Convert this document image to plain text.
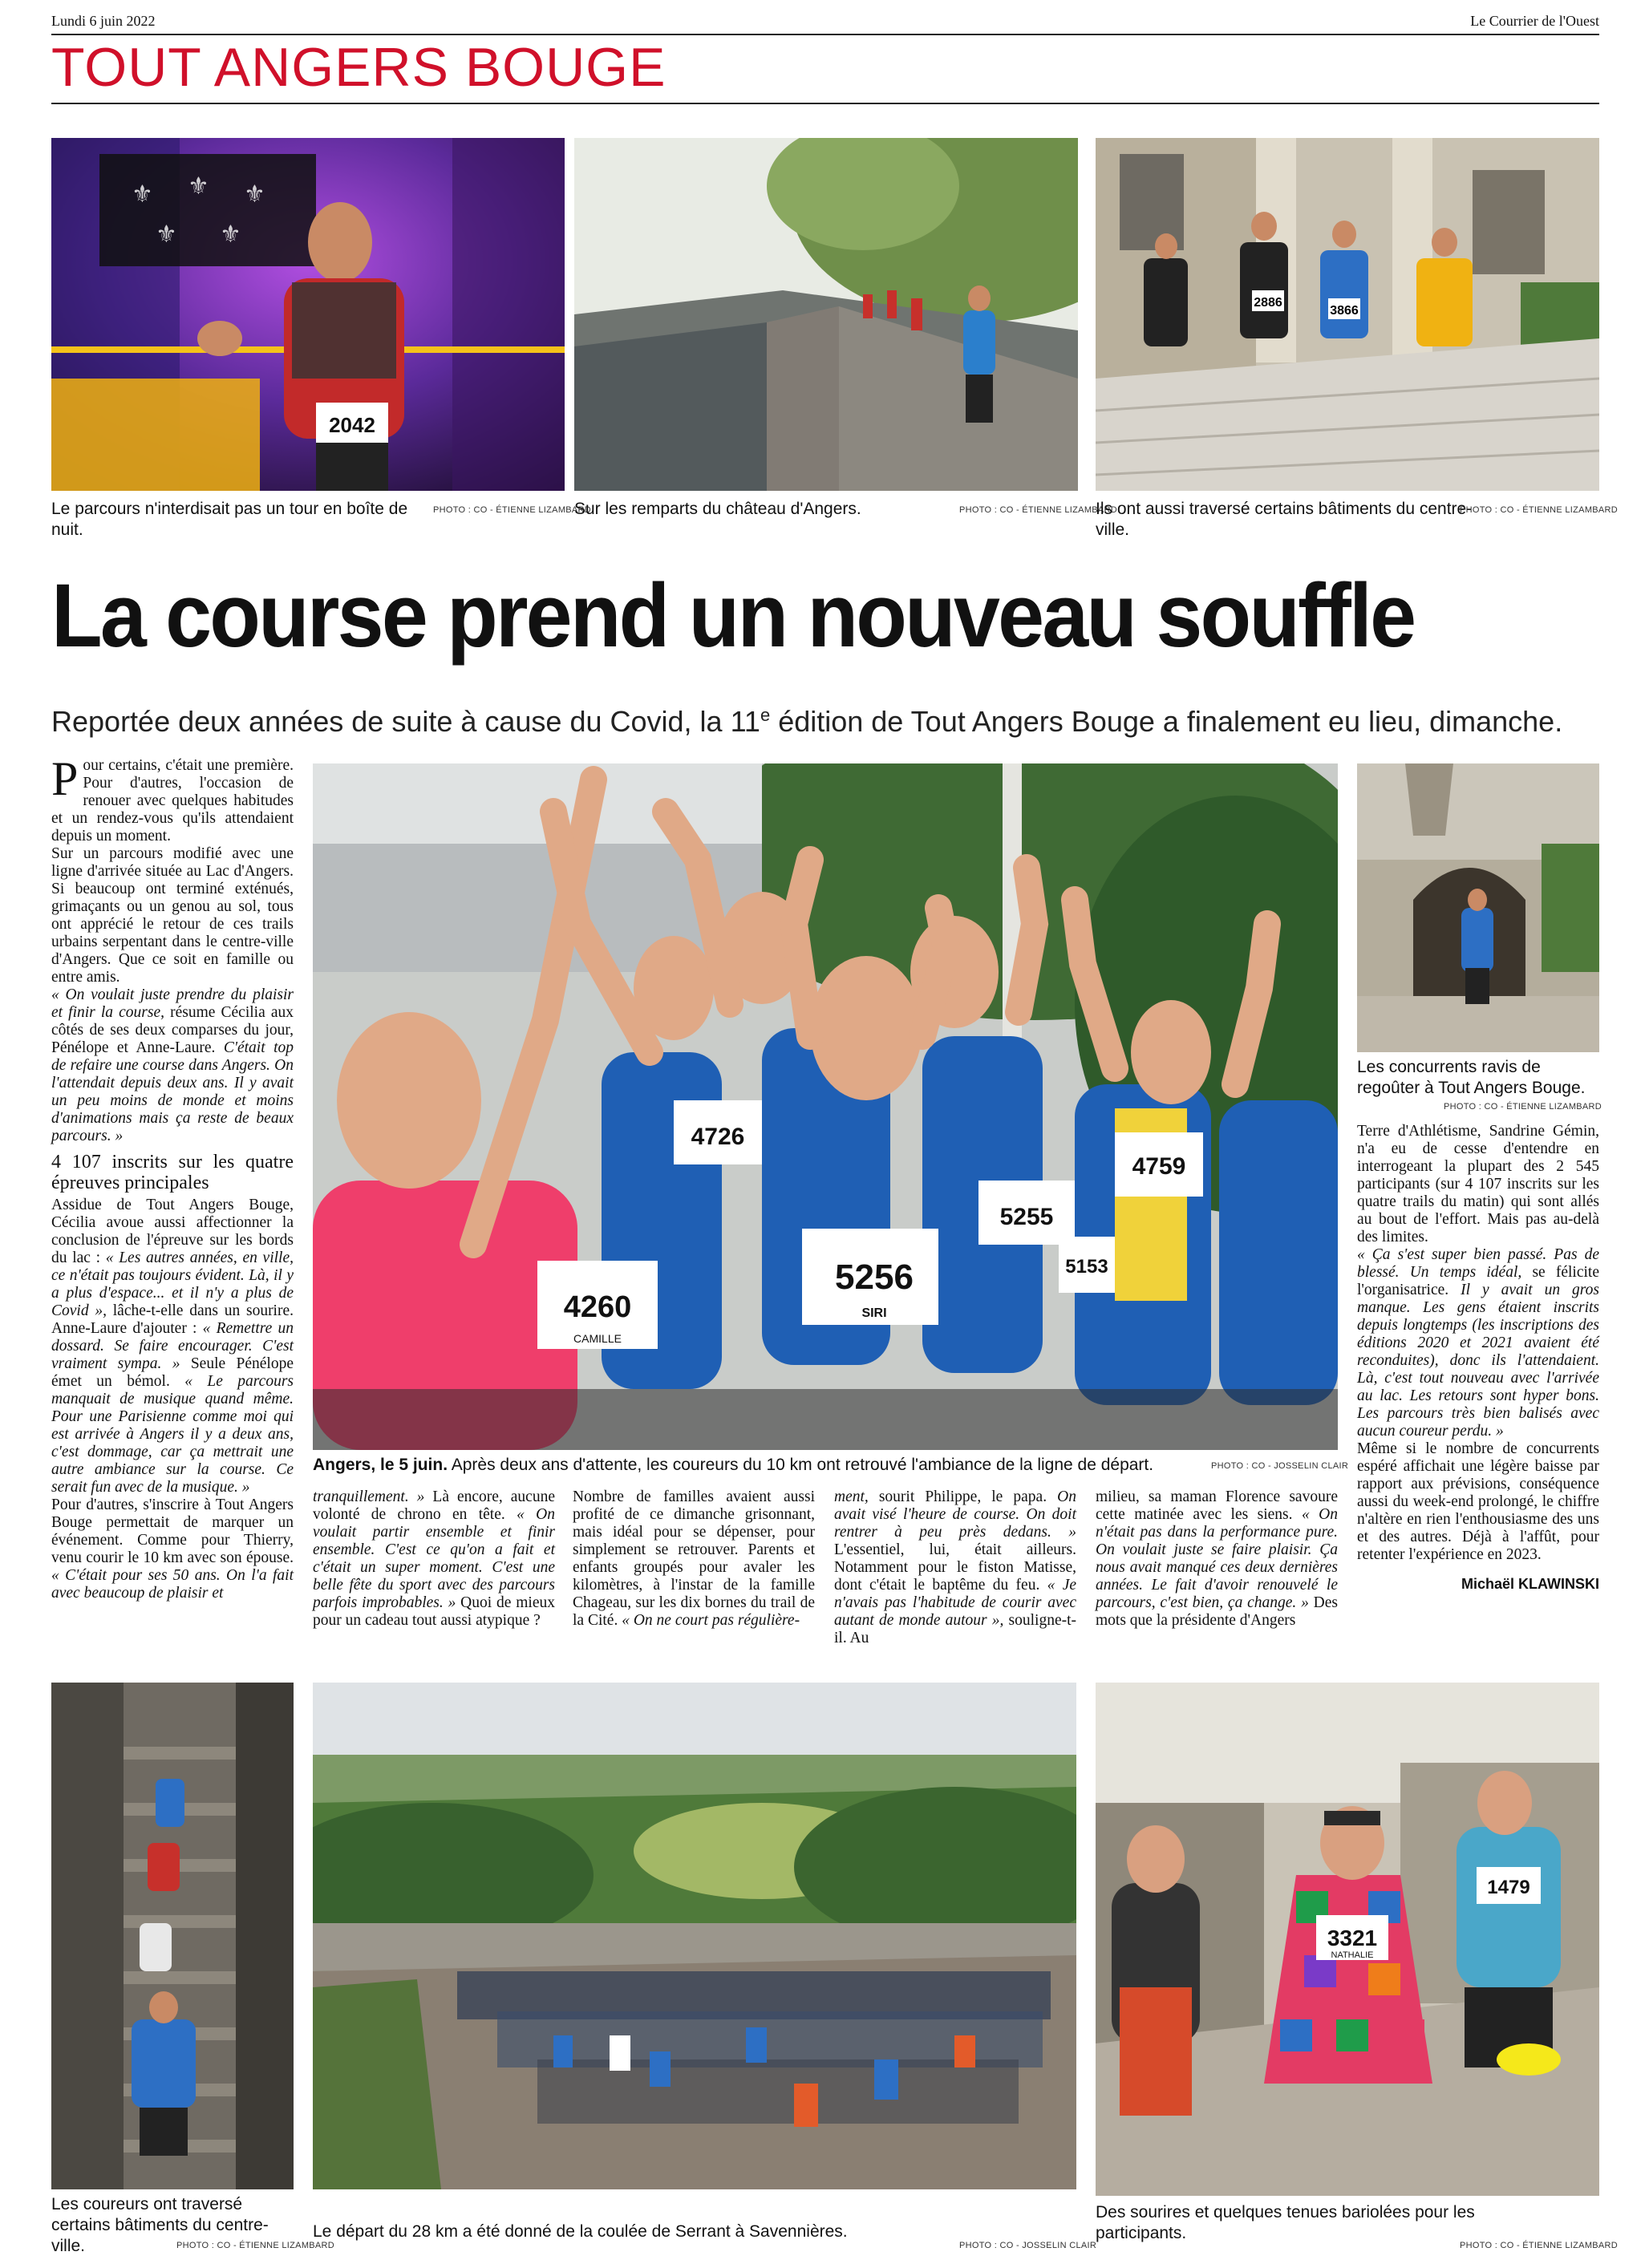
Lundi 6 juin 2022	Le Courrier de l'Ouest
TOUT ANGERS BOUGE
⚜ ⚜ ⚜
⚜ ⚜
2042
Le parcours n'interdisait pas un tour en boîte de nuit.
PHOTO : CO - ÉTIENNE LIZAMBARD
Sur les remparts du château d'Angers.	PHOTO : CO - ÉTIENNE LIZAMBARD
2886
3866
Ils ont aussi traversé certains bâtiments du centre-ville.
PHOTO : CO - ÉTIENNE LIZAMBARD
La course prend un nouveau souffle
Reportée deux années de suite à cause du Covid, la 11e édition de Tout Angers Bouge a finalement eu lieu, dimanche.

Pour certains, c'était une première. Pour d'autres, l'occasion de renouer avec quelques habitudes et un rendez-vous qu'ils attendaient depuis un moment.

Sur un parcours modifié avec une ligne d'arrivée située au Lac d'Angers. Si beaucoup ont terminé exténués, grimaçants ou un genou au sol, tous ont apprécié le retour de ces trails urbains serpentant dans le centre-ville d'Angers. Que ce soit en famille ou entre amis.

« On voulait juste prendre du plaisir et finir la course, résume Cécilia aux côtés de ses deux comparses du jour, Pénélope et Anne-Laure. C'était top de refaire une course dans Angers. On l'attendait depuis deux ans. Il y avait un peu moins de monde et moins d'animations mais ça reste de beaux parcours. »

4 107 inscrits sur les quatre épreuves principales

Assidue de Tout Angers Bouge, Cécilia avoue aussi affectionner la conclusion de l'épreuve sur les bords du lac : « Les autres années, en ville, ce n'était pas toujours évident. Là, il y a plus d'espace... et il n'y a plus de Covid », lâche-t-elle dans un sourire. Anne-Laure d'ajouter : « Remettre un dossard. Se faire encourager. C'est vraiment sympa. » Seule Pénélope émet un bémol. « Le parcours manquait de musique quand même. Pour une Parisienne comme moi qui est arrivée à Angers il y a deux ans, c'est dommage, car ça mettrait une autre ambiance sur la course. Ce serait fun avec de la musique. »

Pour d'autres, s'inscrire à Tout Angers Bouge permettait de marquer un événement. Comme pour Thierry, venu courir le 10 km avec son épouse. « C'était pour ses 50 ans. On l'a fait avec beaucoup de plaisir et

5256
SIRI
4260
CAMILLE
4726
5255
5153
4759
Angers, le 5 juin. Après deux ans d'attente, les coureurs du 10 km ont retrouvé l'ambiance de la ligne de départ.	PHOTO : CO - JOSSELIN CLAIR
Les concurrents ravis de regoûter à Tout Angers Bouge.
PHOTO : CO - ÉTIENNE LIZAMBARD

Terre d'Athlétisme, Sandrine Gémin, n'a eu de cesse d'entendre en interrogeant la plupart des 2 545 participants (sur 4 107 inscrits sur les quatre trails du matin) qui sont allés au bout de l'effort. Mais pas au-delà des limites.

« Ça s'est super bien passé. Pas de blessé. Un temps idéal, se félicite l'organisatrice. Il y avait un gros manque. Les gens étaient inscrits depuis longtemps (les inscriptions des éditions 2020 et 2021 avaient été reconduites), donc ils l'attendaient. Là, c'est tout nouveau avec l'arrivée au lac. Les retours sont hyper bons. Les parcours très bien balisés avec aucun coureur perdu. »

Même si le nombre de concurrents espéré affichait une légère baisse par rapport aux prévisions, conséquence aussi du week-end prolongé, le chiffre n'altère en rien l'enthousiasme des uns et des autres. Déjà à l'affût, pour retenter l'expérience en 2023.

Michaël KLAWINSKI

tranquillement. » Là encore, aucune volonté de chrono en tête. « On voulait partir ensemble et finir ensemble. C'est ce qu'on a fait et c'était un super moment. C'est une belle fête du sport avec des parcours parfois improbables. » Quoi de mieux pour un cadeau tout aussi atypique ?

Nombre de familles avaient aussi profité de ce dimanche grisonnant, mais idéal pour se dépenser, pour simplement se retrouver. Parents et enfants groupés pour avaler les kilomètres, à l'instar de la famille Chageau, sur les dix bornes du trail de la Cité. « On ne court pas régulière-

ment, sourit Philippe, le papa. On avait visé l'heure de course. On doit rentrer à peu près dedans. » L'essentiel, lui, était ailleurs. Notamment pour le fiston Matisse, dont c'était le baptême du feu. « Je n'avais pas l'habitude de courir avec autant de monde autour », souligne-t-il. Au

milieu, sa maman Florence savoure cette matinée avec les siens. « On n'était pas dans la performance pure. On voulait juste se faire plaisir. Ça nous avait manqué ces deux dernières années. Le fait d'avoir renouvelé le parcours, c'est bien, ça change. » Des mots que la présidente d'Angers

Les coureurs ont traversé certains bâtiments du centre-ville.	PHOTO : CO - ÉTIENNE LIZAMBARD
Le départ du 28 km a été donné de la coulée de Serrant à Savennières.
PHOTO : CO - JOSSELIN CLAIR
3321
NATHALIE
1479
Des sourires et quelques tenues bariolées pour les participants.
PHOTO : CO - ÉTIENNE LIZAMBARD
